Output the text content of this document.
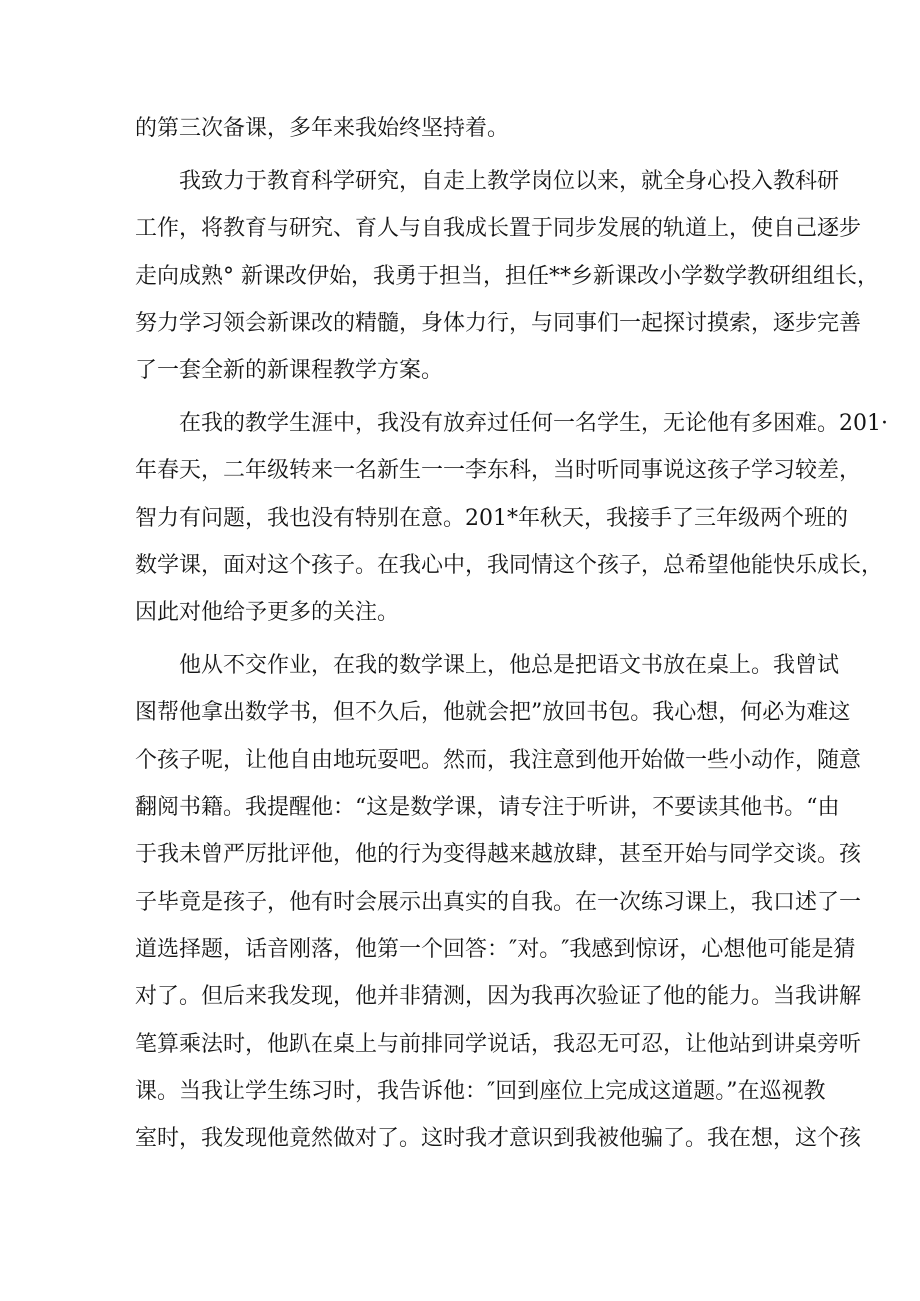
的第三次备课，多年来我始终坚持着。
我致力于教育科学研究，自走上教学岗位以来，就全身心投入教科研
工作，将教育与研究、育人与自我成长置于同步发展的轨道上，使自己逐步
走向成熟° 新课改伊始，我勇于担当，担任**乡新课改小学数学教研组组长，
努力学习领会新课改的精髓，身体力行，与同事们一起探讨摸索，逐步完善
了一套全新的新课程教学方案。
在我的教学生涯中，我没有放弃过任何一名学生，无论他有多困难。201·
年春天，二年级转来一名新生一一李东科，当时听同事说这孩子学习较差，
智力有问题，我也没有特别在意。201*年秋天，我接手了三年级两个班的
数学课，面对这个孩子。在我心中，我同情这个孩子，总希望他能快乐成长，
因此对他给予更多的关注。
他从不交作业，在我的数学课上，他总是把语文书放在桌上。我曾试
图帮他拿出数学书，但不久后，他就会把”放回书包。我心想，何必为难这
个孩子呢，让他自由地玩耍吧。然而，我注意到他开始做一些小动作，随意
翻阅书籍。我提醒他：“这是数学课，请专注于听讲，不要读其他书。“由
于我未曾严厉批评他，他的行为变得越来越放肆，甚至开始与同学交谈。孩
子毕竟是孩子，他有时会展示出真实的自我。在一次练习课上，我口述了一
道选择题，话音刚落，他第一个回答：″对。″我感到惊讶，心想他可能是猜
对了。但后来我发现，他并非猜测，因为我再次验证了他的能力。当我讲解
笔算乘法时，他趴在桌上与前排同学说话，我忍无可忍，让他站到讲桌旁听
课。当我让学生练习时，我告诉他：″回到座位上完成这道题。”在巡视教
室时，我发现他竟然做对了。这时我才意识到我被他骗了。我在想，这个孩
